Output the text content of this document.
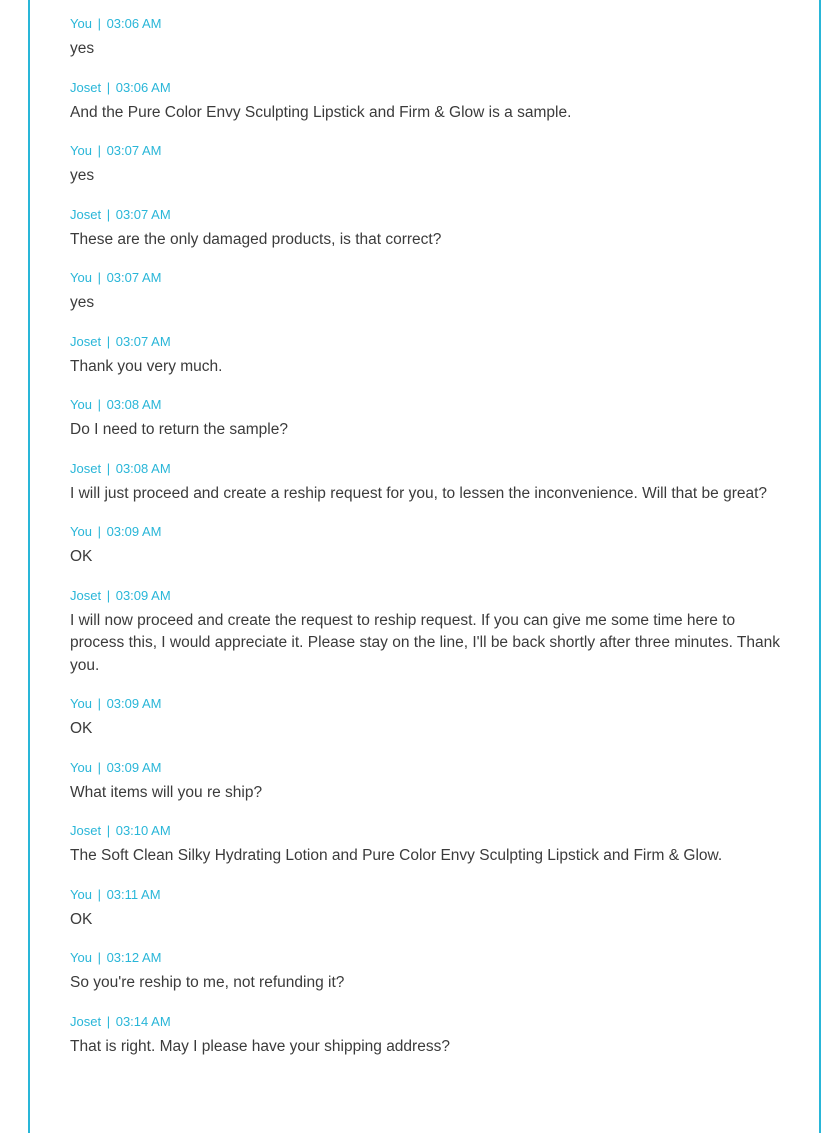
You | 03:06 AM
yes
Joset | 03:06 AM
And the Pure Color Envy Sculpting Lipstick and Firm & Glow is a sample.
You | 03:07 AM
yes
Joset | 03:07 AM
These are the only damaged products, is that correct?
You | 03:07 AM
yes
Joset | 03:07 AM
Thank you very much.
You | 03:08 AM
Do I need to return the sample?
Joset | 03:08 AM
I will just proceed and create a reship request for you, to lessen the inconvenience. Will that be great?
You | 03:09 AM
OK
Joset | 03:09 AM
I will now proceed and create the request to reship request. If you can give me some time here to process this, I would appreciate it. Please stay on the line, I'll be back shortly after three minutes. Thank you.
You | 03:09 AM
OK
You | 03:09 AM
What items will you re ship?
Joset | 03:10 AM
The Soft Clean Silky Hydrating Lotion and Pure Color Envy Sculpting Lipstick and Firm & Glow.
You | 03:11 AM
OK
You | 03:12 AM
So you're reship to me, not refunding it?
Joset | 03:14 AM
That is right. May I please have your shipping address?
